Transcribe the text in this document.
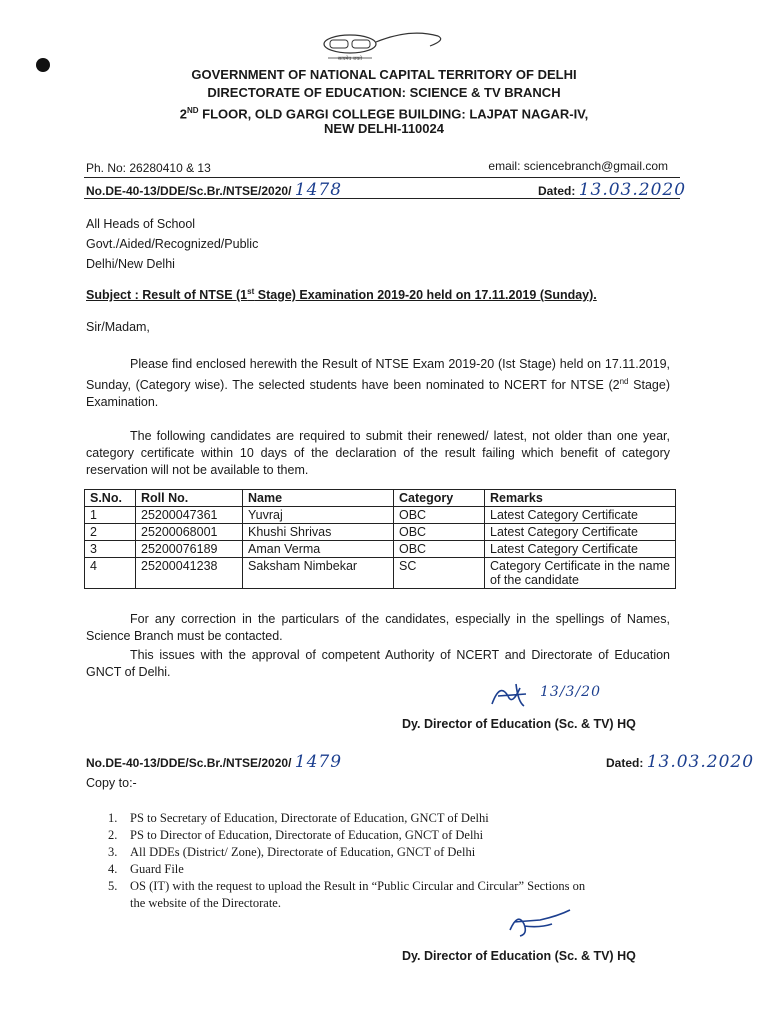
सत्यमेव जयते
GOVERNMENT OF NATIONAL CAPITAL TERRITORY OF DELHI
DIRECTORATE OF EDUCATION: SCIENCE & TV BRANCH
2ND FLOOR, OLD GARGI COLLEGE BUILDING: LAJPAT NAGAR-IV,
NEW DELHI-110024
Ph. No: 26280410 & 13	email: sciencebranch@gmail.com
No.DE-40-13/DDE/Sc.Br./NTSE/2020/ 1478	Dated: 13.03.2020
All Heads of School
Govt./Aided/Recognized/Public
Delhi/New Delhi
Subject : Result of NTSE (1st Stage) Examination 2019-20 held on 17.11.2019 (Sunday).
Sir/Madam,
Please find enclosed herewith the Result of NTSE Exam 2019-20 (Ist Stage) held on 17.11.2019, Sunday, (Category wise). The selected students have been nominated to NCERT for NTSE (2nd Stage) Examination.
The following candidates are required to submit their renewed/ latest, not older than one year, category certificate within 10 days of the declaration of the result failing which benefit of category reservation will not be available to them.
S.No.	Roll No.	Name	Category	Remarks
1	25200047361	Yuvraj	OBC	Latest Category Certificate
2	25200068001	Khushi Shrivas	OBC	Latest Category Certificate
3	25200076189	Aman Verma	OBC	Latest Category Certificate
4	25200041238	Saksham Nimbekar	SC	Category Certificate in the name of the candidate
For any correction in the particulars of the candidates, especially in the spellings of Names, Science Branch must be contacted.
This issues with the approval of competent Authority of NCERT and Directorate of Education GNCT of Delhi.
13/3/20
Dy. Director of Education (Sc. & TV) HQ
No.DE-40-13/DDE/Sc.Br./NTSE/2020/ 1479	Dated: 13.03.2020
Copy to:-
1. PS to Secretary of Education, Directorate of Education, GNCT of Delhi
2. PS to Director of Education, Directorate of Education, GNCT of Delhi
3. All DDEs (District/ Zone), Directorate of Education, GNCT of Delhi
4. Guard File
5. OS (IT) with the request to upload the Result in “Public Circular and Circular” Sections on
the website of the Directorate.
Dy. Director of Education (Sc. & TV) HQ
